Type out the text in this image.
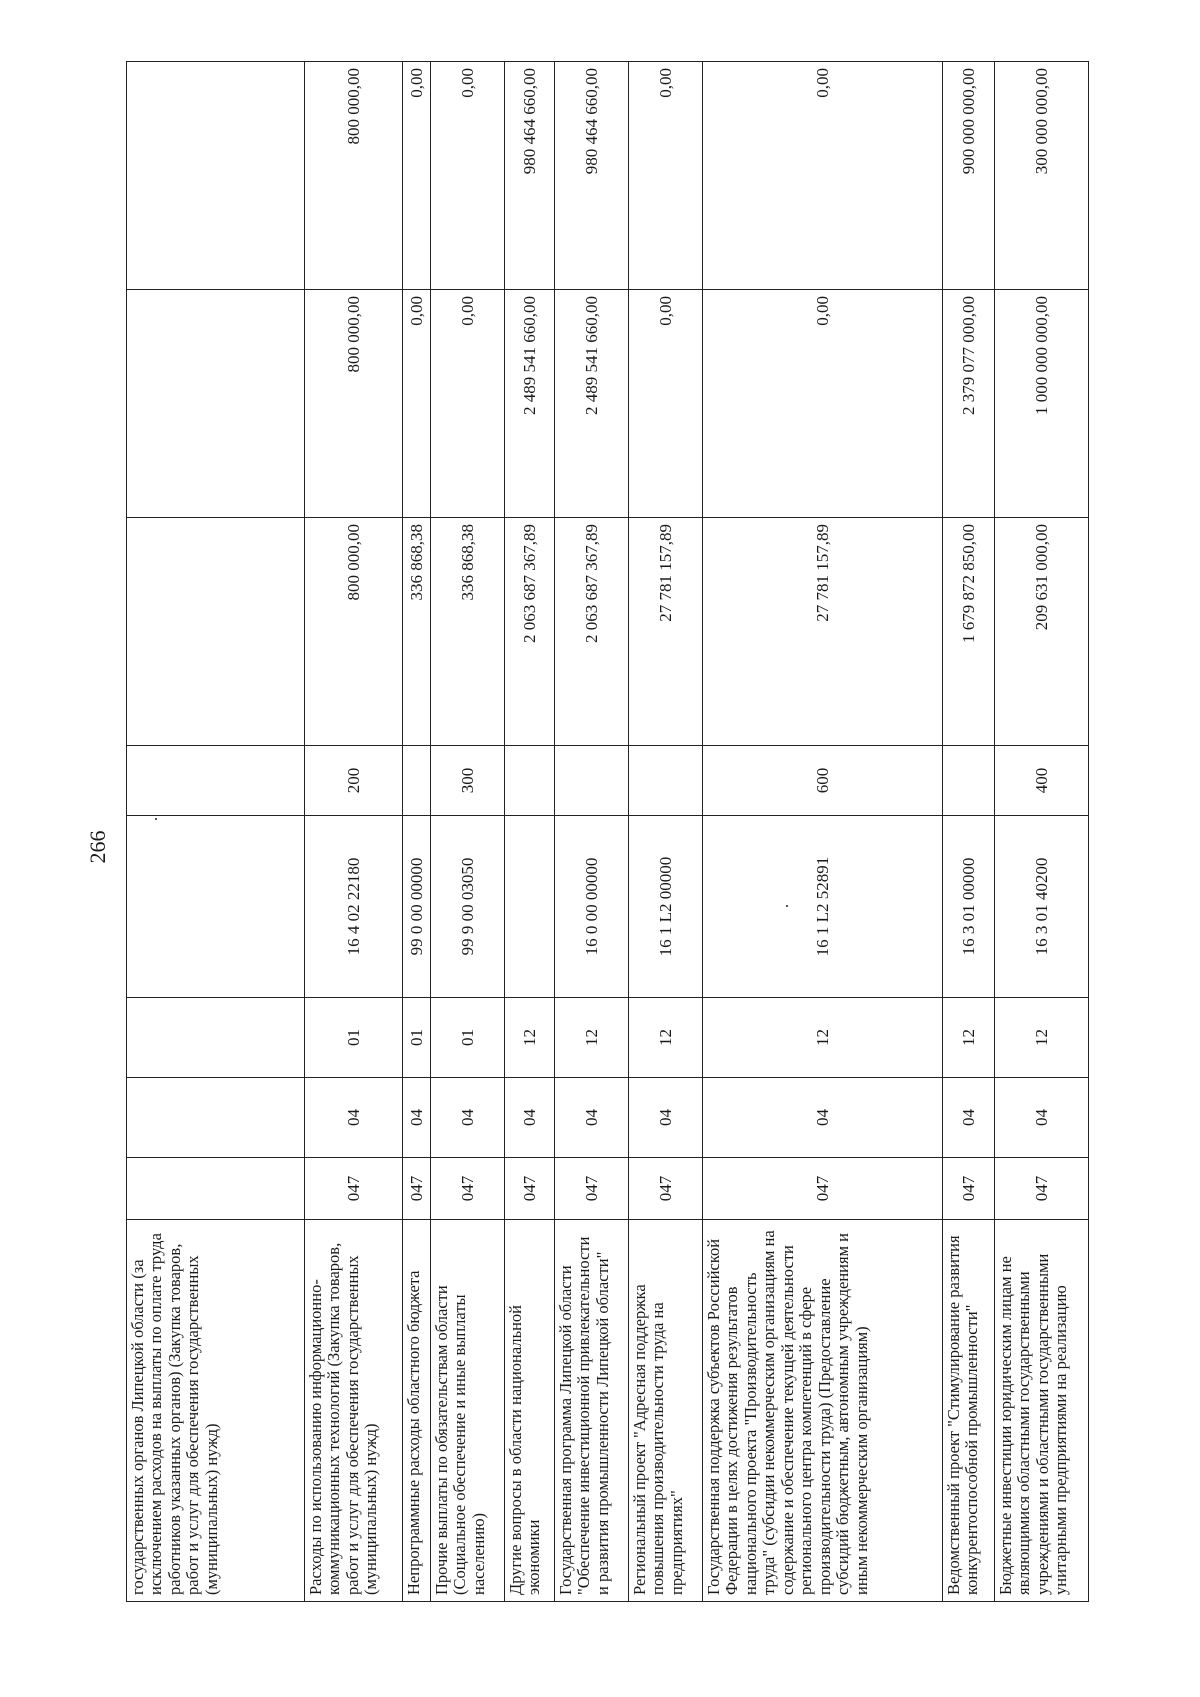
266
государственных органов Липецкой области (за исключением расходов на выплаты по оплате труда работников указанных органов) (Закупка товаров, работ и услуг для обеспечения государственных (муниципальных) нужд)								
Расходы по использованию информационно-коммуникационных технологий (Закупка товаров, работ и услуг для обеспечения государственных (муниципальных) нужд)	047	04	01	16 4 02 22180	200	800 000,00	800 000,00	800 000,00
Непрограммные расходы областного бюджета	047	04	01	99 0 00 00000		336 868,38	0,00	0,00
Прочие выплаты по обязательствам области (Социальное обеспечение и иные выплаты населению)	047	04	01	99 9 00 03050	300	336 868,38	0,00	0,00
Другие вопросы в области национальной экономики	047	04	12			2 063 687 367,89	2 489 541 660,00	980 464 660,00
Государственная программа Липецкой области "Обеспечение инвестиционной привлекательности и развития промышленности Липецкой области"	047	04	12	16 0 00 00000		2 063 687 367,89	2 489 541 660,00	980 464 660,00
Региональный проект "Адресная поддержка повышения производительности труда на предприятиях"	047	04	12	16 1 L2 00000		27 781 157,89	0,00	0,00
Государственная поддержка субъектов Российской Федерации в целях достижения результатов национального проекта "Производительность труда" (субсидии некоммерческим организациям на содержание и обеспечение текущей деятельности регионального центра компетенций в сфере производительности труда) (Предоставление субсидий бюджетным, автономным учреждениям и иным некоммерческим организациям)	047	04	12	16 1 L2 52891	600	27 781 157,89	0,00	0,00
Ведомственный проект "Стимулирование развития конкурентоспособной промышленности"	047	04	12	16 3 01 00000		1 679 872 850,00	2 379 077 000,00	900 000 000,00
Бюджетные инвестиции юридическим лицам не являющимися областными государственными учреждениями и областными государственными унитарными предприятиями на реализацию	047	04	12	16 3 01 40200	400	209 631 000,00	1 000 000 000,00	300 000 000,00
